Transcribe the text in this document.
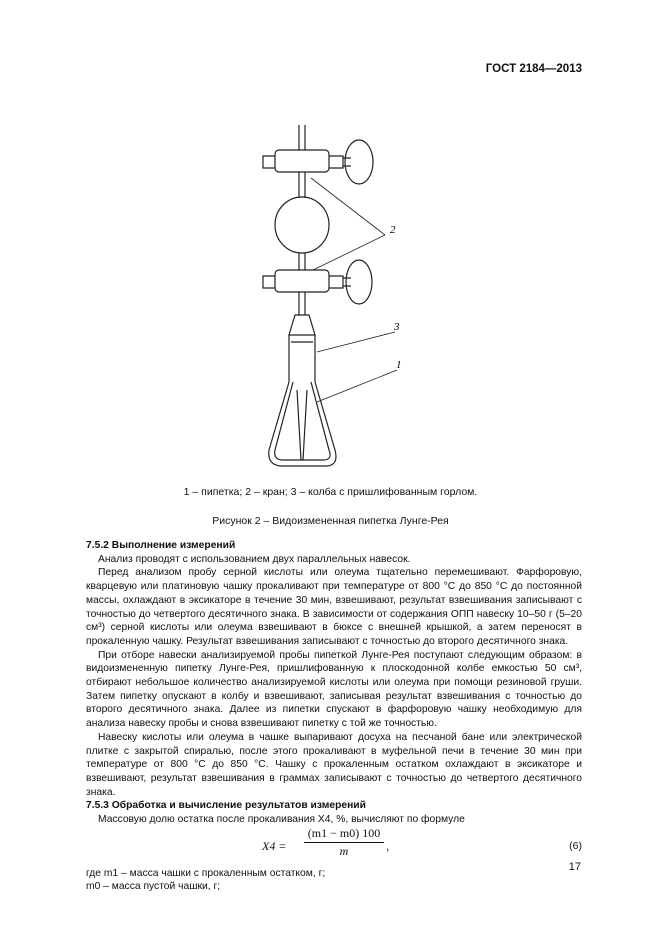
ГОСТ 2184—2013
2
3
1
1 – пипетка; 2 – кран; 3 – колба с пришлифованным горлом.
Рисунок 2 – Видоизмененная пипетка Лунге-Рея

7.5.2 Выполнение измерений

Анализ проводят с использованием двух параллельных навесок.

Перед анализом пробу серной кислоты или олеума тщательно перемешивают. Фарфоровую, кварцевую или платиновую чашку прокаливают при температуре от 800 °С до 850 °С до постоянной массы, охлаждают в эксикаторе в течение 30 мин, взвешивают, результат взвешивания записывают с точностью до четвертого десятичного знака. В зависимости от содержания ОПП навеску 10–50 г (5–20 см³) серной кислоты или олеума взвешивают в бюксе с внешней крышкой, а затем переносят в прокаленную чашку. Результат взвешивания записывают с точностью до второго десятичного знака.

При отборе навески анализируемой пробы пипеткой Лунге-Рея поступают следующим образом: в видоизмененную пипетку Лунге-Рея, пришлифованную к плоскодонной колбе емкостью 50 см³, отбирают небольшое количество анализируемой кислоты или олеума при помощи резиновой груши. Затем пипетку опускают в колбу и взвешивают, записывая результат взвешивания с точностью до второго десятичного знака. Далее из пипетки спускают в фарфоровую чашку необходимую для анализа навеску пробы и снова взвешивают пипетку с той же точностью.

Навеску кислоты или олеума в чашке выпаривают досуха на песчаной бане или электрической плитке с закрытой спиралью, после этого прокаливают в муфельной печи в течение 30 мин при температуре от 800 °С до 850 °С. Чашку с прокаленным остатком охлаждают в эксикаторе и взвешивают, результат взвешивания в граммах записывают с точностью до четвертого десятичного знака.

7.5.3 Обработка и вычисление результатов измерений

Массовую долю остатка после прокаливания X4, %, вычисляют по формуле

$X4 = \frac{(m1 - m0) 100}{m}$ ,	(6)

где m1 – масса чашки с прокаленным остатком, г;

m0 – масса пустой чашки, г;

17
